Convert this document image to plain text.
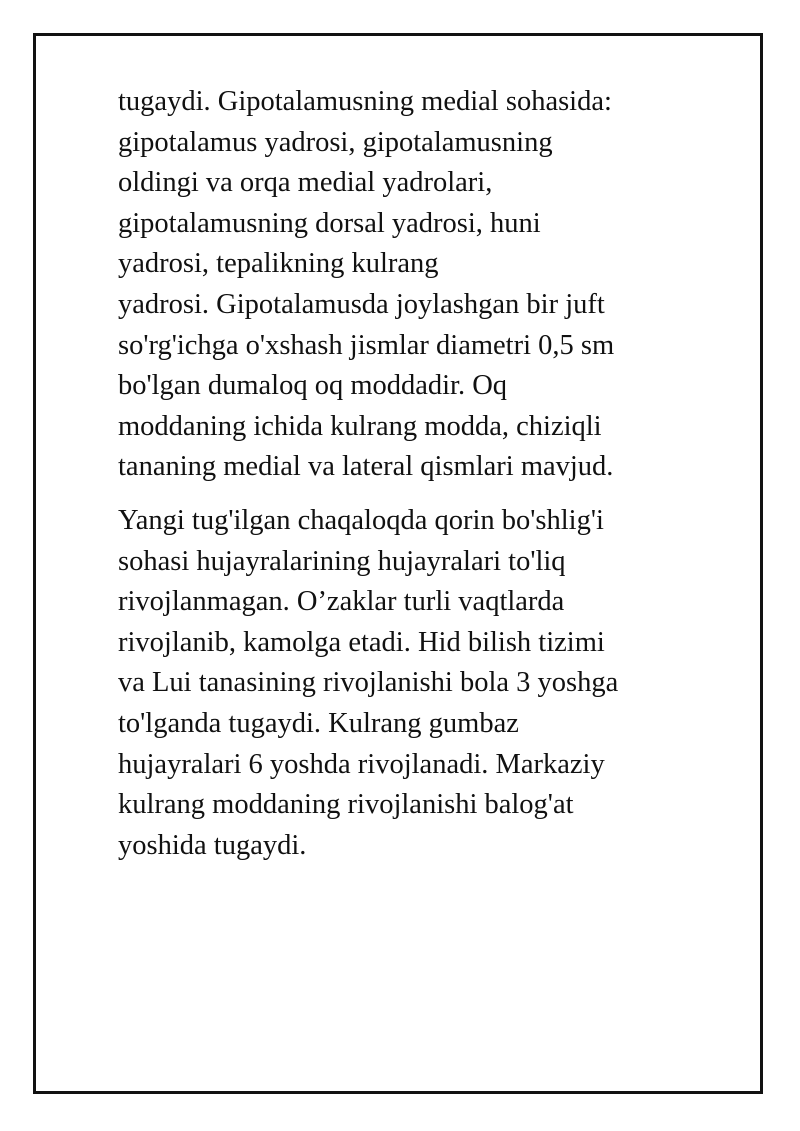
tugaydi. Gipotalamusning medial sohasida:
gipotalamus yadrosi, gipotalamusning
oldingi va orqa medial yadrolari,
gipotalamusning dorsal yadrosi, huni
yadrosi, tepalikning kulrang
yadrosi. Gipotalamusda joylashgan bir juft
so'rg'ichga o'xshash jismlar diametri 0,5 sm
bo'lgan dumaloq oq moddadir. Oq
moddaning ichida kulrang modda, chiziqli
tananing medial va lateral qismlari mavjud.

Yangi tug'ilgan chaqaloqda qorin bo'shlig'i
sohasi hujayralarining hujayralari to'liq
rivojlanmagan. O’zaklar turli vaqtlarda
rivojlanib, kamolga etadi. Hid bilish tizimi
va Lui tanasining rivojlanishi bola 3 yoshga
to'lganda tugaydi. Kulrang gumbaz
hujayralari 6 yoshda rivojlanadi. Markaziy
kulrang moddaning rivojlanishi balog'at
yoshida tugaydi.
